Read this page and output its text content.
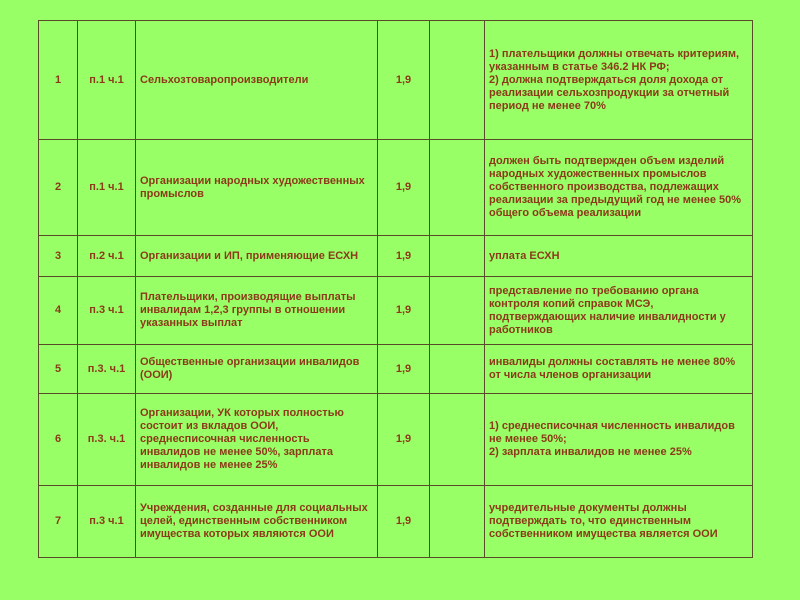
1	п.1 ч.1	Сельхозтоваропроизводители	1,9		1) плательщики должны отвечать критериям, указанным в статье 346.2 НК РФ;
2) должна подтверждаться доля дохода от реализации сельхозпродукции за отчетный период не менее 70%
2	п.1 ч.1	Организации народных художественных промыслов	1,9		должен быть подтвержден объем изделий народных художественных промыслов собственного производства, подлежащих реализации за предыдущий год не менее 50% общего объема реализации
3	п.2 ч.1	Организации и ИП, применяющие ЕСХН	1,9		уплата ЕСХН
4	п.3 ч.1	Плательщики, производящие выплаты инвалидам 1,2,3 группы в отношении указанных выплат	1,9		представление по требованию органа контроля копий справок МСЭ, подтверждающих наличие инвалидности у работников
5	п.3. ч.1	Общественные организации инвалидов (ООИ)	1,9		инвалиды должны составлять не менее 80% от числа членов организации
6	п.3. ч.1	Организации, УК которых полностью состоит из вкладов ООИ, среднесписочная численность инвалидов не менее 50%, зарплата инвалидов не менее 25%	1,9		1) среднесписочная численность инвалидов не менее 50%;
2) зарплата инвалидов не менее 25%
7	п.3 ч.1	Учреждения, созданные для социальных целей, единственным собственником имущества которых являются ООИ	1,9		учредительные документы должны подтверждать то, что единственным собственником имущества является ООИ
